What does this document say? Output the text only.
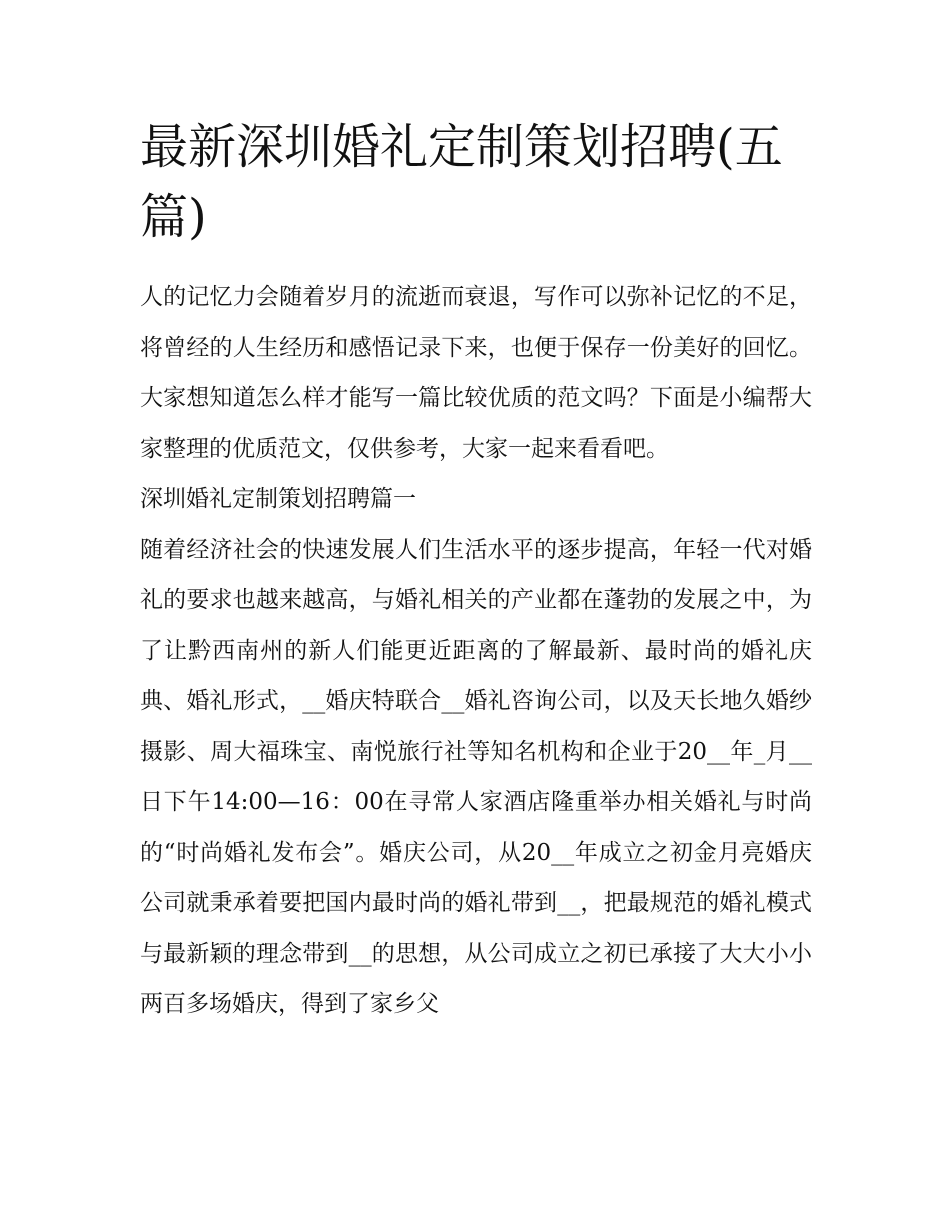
最新深圳婚礼定制策划招聘(五篇)

人的记忆力会随着岁月的流逝而衰退，写作可以弥补记忆的不足，将曾经的人生经历和感悟记录下来，也便于保存一份美好的回忆。大家想知道怎么样才能写一篇比较优质的范文吗？下面是小编帮大家整理的优质范文，仅供参考，大家一起来看看吧。

深圳婚礼定制策划招聘篇一

随着经济社会的快速发展人们生活水平的逐步提高，年轻一代对婚礼的要求也越来越高，与婚礼相关的产业都在蓬勃的发展之中，为了让黔西南州的新人们能更近距离的了解最新、最时尚的婚礼庆典、婚礼形式，__婚庆特联合__婚礼咨询公司，以及天长地久婚纱摄影、周大福珠宝、南悦旅行社等知名机构和企业于20__年_月__日下午14:00—16：00在寻常人家酒店隆重举办相关婚礼与时尚的“时尚婚礼发布会”。婚庆公司，从20__年成立之初金月亮婚庆公司就秉承着要把国内最时尚的婚礼带到__，把最规范的婚礼模式与最新颖的理念带到__的思想，从公司成立之初已承接了大大小小两百多场婚庆，得到了家乡父
